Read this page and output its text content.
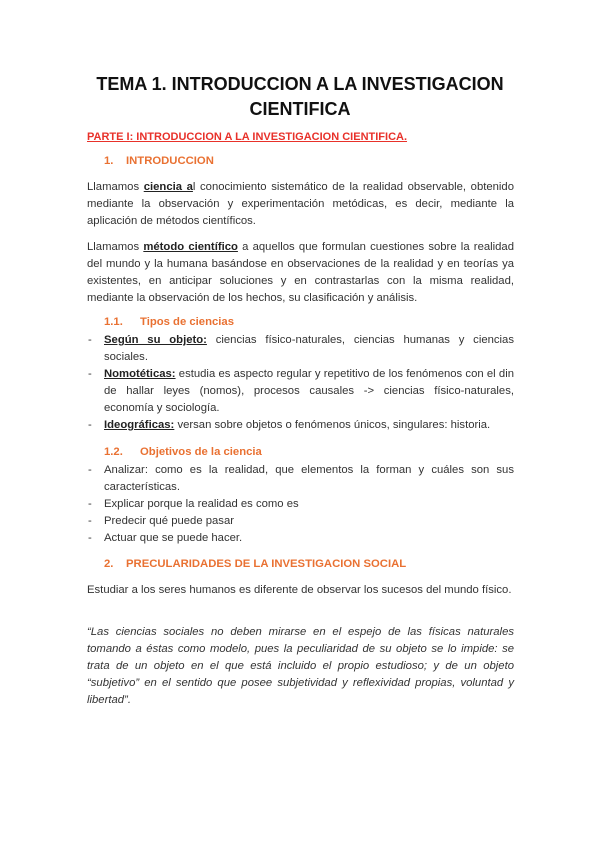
TEMA 1. INTRODUCCION A LA INVESTIGACION CIENTIFICA
PARTE I: INTRODUCCION A LA INVESTIGACION CIENTIFICA.
1. INTRODUCCION
Llamamos ciencia al conocimiento sistemático de la realidad observable, obtenido mediante la observación y experimentación metódicas, es decir, mediante la aplicación de métodos científicos.
Llamamos método científico a aquellos que formulan cuestiones sobre la realidad del mundo y la humana basándose en observaciones de la realidad y en teorías ya existentes, en anticipar soluciones y en contrastarlas con la misma realidad, mediante la observación de los hechos, su clasificación y análisis.
1.1. Tipos de ciencias
- Según su objeto: ciencias físico-naturales, ciencias humanas y ciencias sociales.
- Nomotéticas: estudia es aspecto regular y repetitivo de los fenómenos con el din de hallar leyes (nomos), procesos causales -> ciencias físico-naturales, economía y sociología.
- Ideográficas: versan sobre objetos o fenómenos únicos, singulares: historia.
1.2. Objetivos de la ciencia
- Analizar: como es la realidad, que elementos la forman y cuáles son sus características.
- Explicar porque la realidad es como es
- Predecir qué puede pasar
- Actuar que se puede hacer.
2. PRECULARIDADES DE LA INVESTIGACION SOCIAL
Estudiar a los seres humanos es diferente de observar los sucesos del mundo físico.
“Las ciencias sociales no deben mirarse en el espejo de las físicas naturales tomando a éstas como modelo, pues la peculiaridad de su objeto se lo impide: se trata de un objeto en el que está incluido el propio estudioso; y de un objeto “subjetivo” en el sentido que posee subjetividad y reflexividad propias, voluntad y libertad”.
